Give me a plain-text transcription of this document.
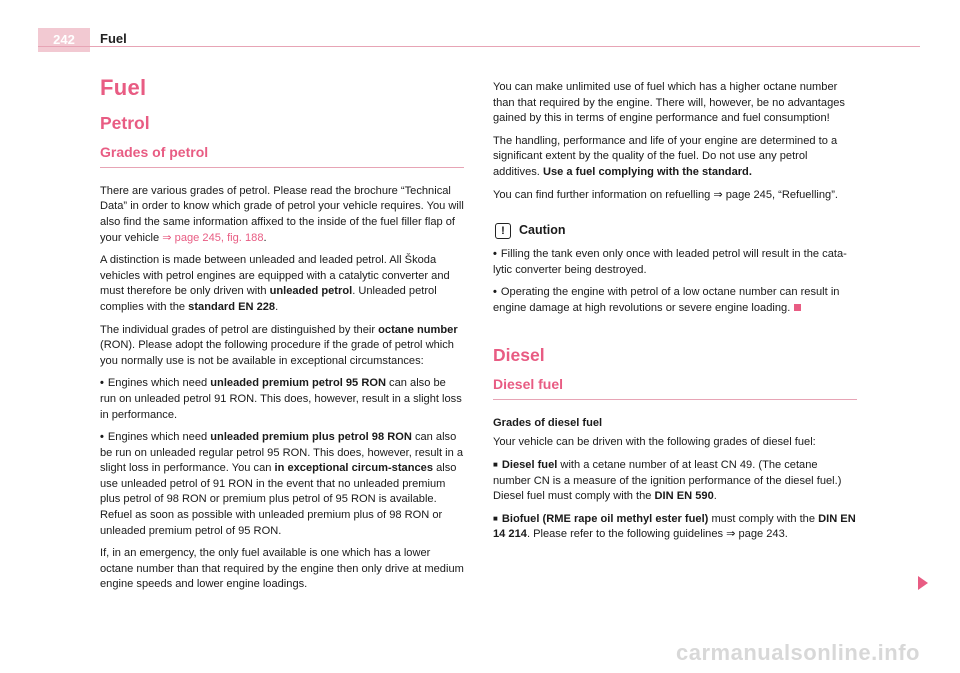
242	Fuel
Fuel
Petrol
Grades of petrol

There are various grades of petrol. Please read the brochure “Technical Data” in order to know which grade of petrol your vehicle requires. You will also find the same information affixed to the inside of the fuel filler flap of your vehicle ⇒ page 245, fig. 188.

A distinction is made between unleaded and leaded petrol. All Škoda vehicles with petrol engines are equipped with a catalytic converter and must therefore be only driven with unleaded petrol. Unleaded petrol complies with the standard EN 228.

The individual grades of petrol are distinguished by their octane number (RON). Please adopt the following procedure if the grade of petrol which you normally use is not be available in exceptional circumstances:

• Engines which need unleaded premium petrol 95 RON can also be run on unleaded petrol 91 RON. This does, however, result in a slight loss in performance.

• Engines which need unleaded premium plus petrol 98 RON can also be run on unleaded regular petrol 95 RON. This does, however, result in a slight loss in performance. You can in exceptional circum-stances also use unleaded petrol of 91 RON in the event that no unleaded premium plus petrol of 98 RON or premium plus petrol of 95 RON is available. Refuel as soon as possible with unleaded premium plus of 98 RON or unleaded premium petrol of 95 RON.

If, in an emergency, the only fuel available is one which has a lower octane number than that required by the engine then only drive at medium engine speeds and lower engine loadings.

You can make unlimited use of fuel which has a higher octane number than that required by the engine. There will, however, be no advantages gained by this in terms of engine performance and fuel consumption!

The handling, performance and life of your engine are determined to a significant extent by the quality of the fuel. Do not use any petrol additives. Use a fuel complying with the standard.

You can find further information on refuelling ⇒ page 245, “Refuelling”.

!	Caution

• Filling the tank even only once with leaded petrol will result in the cata-lytic converter being destroyed.

• Operating the engine with petrol of a low octane number can result in engine damage at high revolutions or severe engine loading.

Diesel
Diesel fuel

Grades of diesel fuel

Your vehicle can be driven with the following grades of diesel fuel:

■ Diesel fuel with a cetane number of at least CN 49. (The cetane number CN is a measure of the ignition performance of the diesel fuel.) Diesel fuel must comply with the DIN EN 590.

■ Biofuel (RME rape oil methyl ester fuel) must comply with the DIN EN 14 214. Please refer to the following guidelines ⇒ page 243.

carmanualsonline.info
